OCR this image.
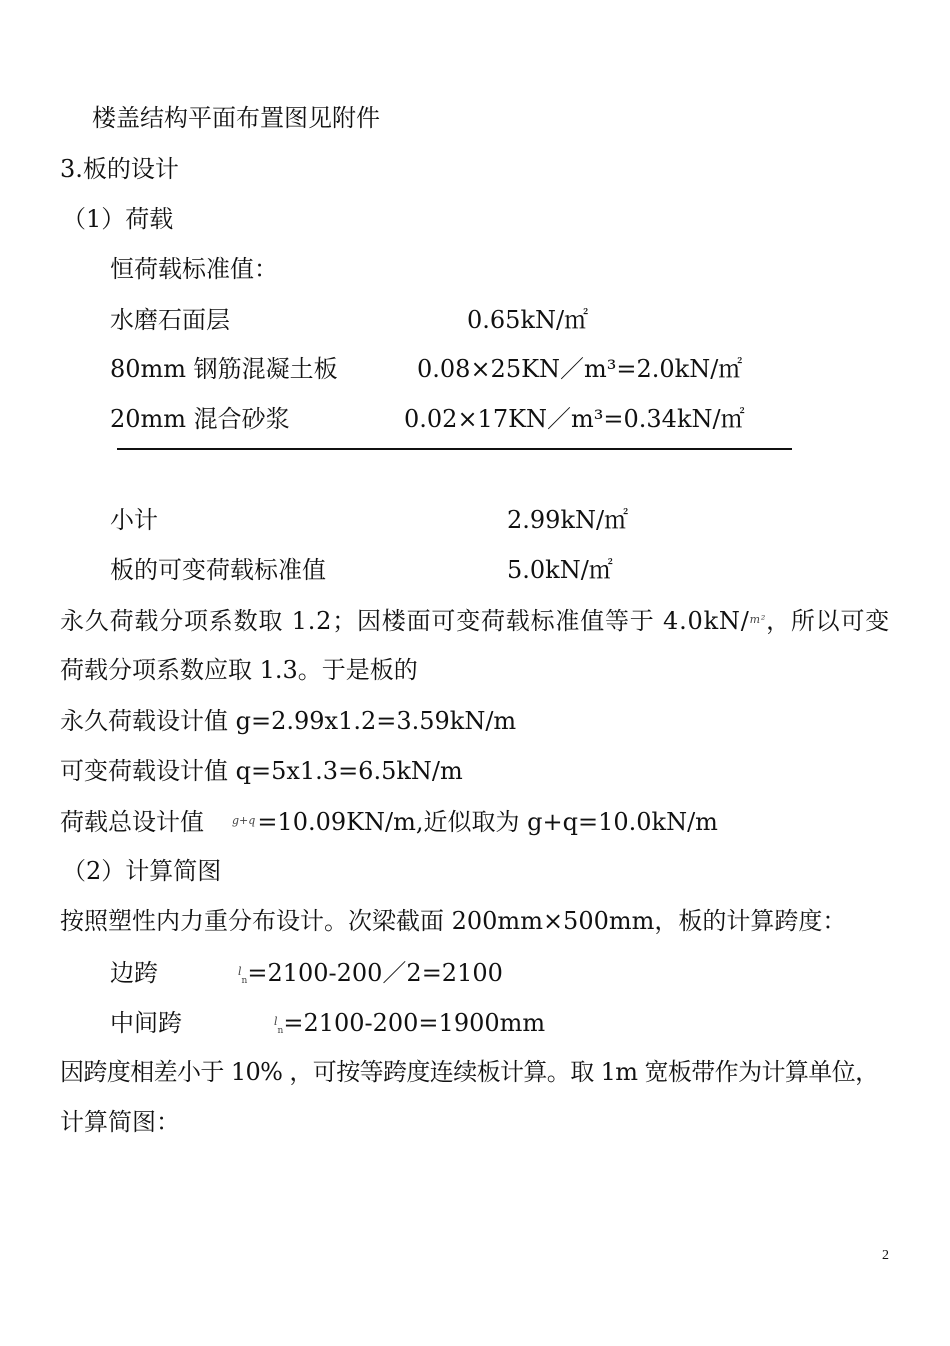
楼盖结构平面布置图见附件
3.板的设计
（1）荷载
恒荷载标准值：
水磨石面层	0.65kN/㎡
80mm 钢筋混凝土板	0.08×25KN／m³=2.0kN/㎡
20mm 混合砂浆	0.02×17KN／m³=0.34kN/㎡
小计	2.99kN/㎡
板的可变荷载标准值	5.0kN/㎡
永久荷载分项系数取 1.2；因楼面可变荷载标准值等于 4.0kN/$^{m^2}$，所以可变
荷载分项系数应取 1.3。于是板的
永久荷载设计值 g=2.99x1.2=3.59kN/m
可变荷载设计值 q=5x1.3=6.5kN/m
荷载总设计值	$^{g+q}$=10.09KN/m,近似取为 g+q=10.0kN/m
（2）计算简图
按照塑性内力重分布设计。次梁截面 200mm×500mm，板的计算跨度：
边跨	$^l_n$=2100-200／2=2100
中间跨	$^l_n$=2100-200=1900mm
因跨度相差小于 10% ，可按等跨度连续板计算。取 1m 宽板带作为计算单位，
计算简图：
2
